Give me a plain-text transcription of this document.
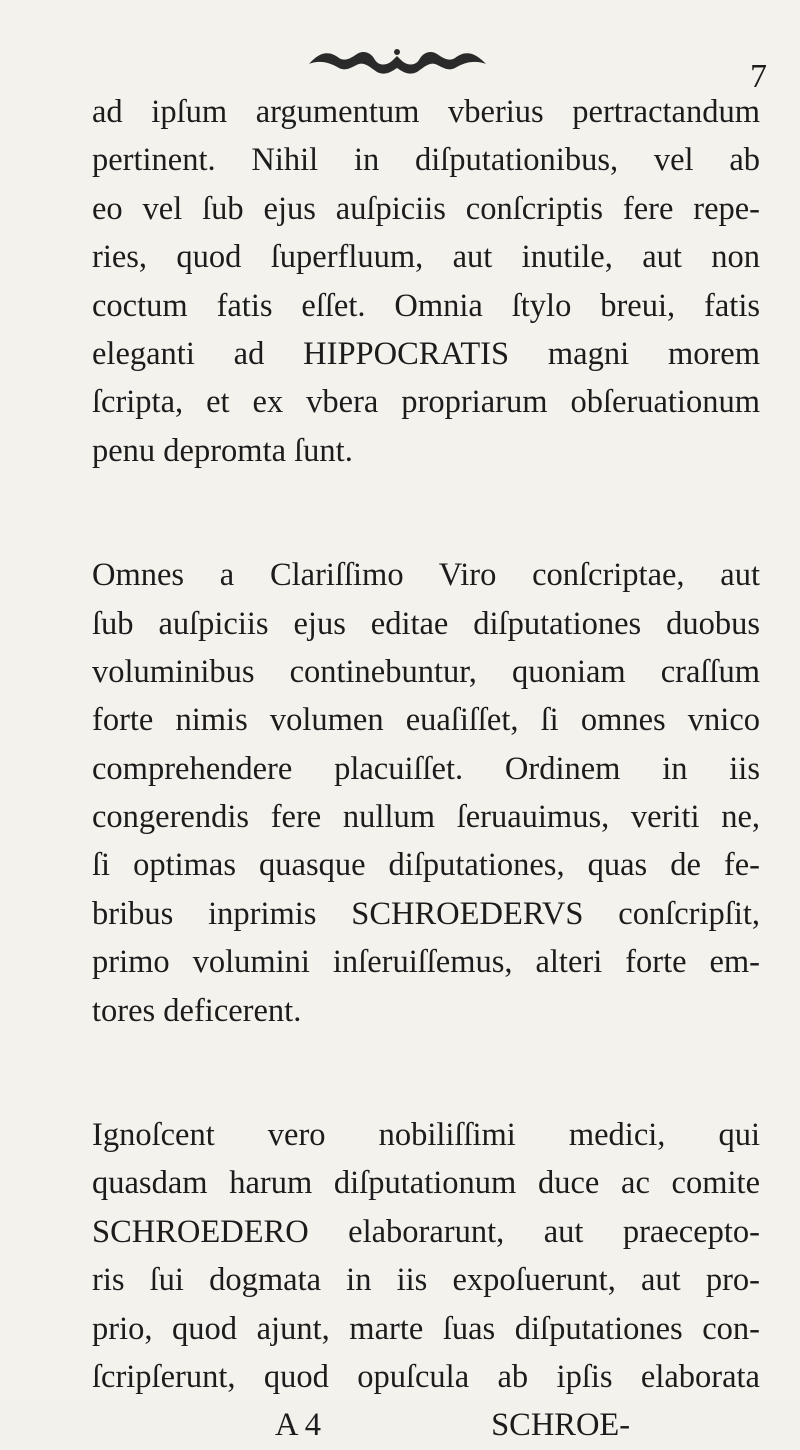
7
ad ipſum argumentum vberius pertractandum
pertinent. Nihil in diſputationibus, vel ab
eo vel ſub ejus auſpiciis conſcriptis fere repe-
ries, quod ſuperfluum, aut inutile, aut non
coctum fatis eſſet. Omnia ſtylo breui, fatis
eleganti ad HIPPOCRATIS magni morem
ſcripta, et ex vbera propriarum obſeruationum
penu depromta ſunt.
Omnes a Clariſſimo Viro conſcriptae, aut
ſub auſpiciis ejus editae diſputationes duobus
voluminibus continebuntur, quoniam craſſum
forte nimis volumen euaſiſſet, ſi omnes vnico
comprehendere placuiſſet. Ordinem in iis
congerendis fere nullum ſeruauimus, veriti ne,
ſi optimas quasque diſputationes, quas de fe-
bribus inprimis SCHROEDERVS conſcripſit,
primo volumini inſeruiſſemus, alteri forte em-
tores deficerent.
Ignoſcent vero nobiliſſimi medici, qui
quasdam harum diſputationum duce ac comite
SCHROEDERO elaborarunt, aut praecepto-
ris ſui dogmata in iis expoſuerunt, aut pro-
prio, quod ajunt, marte ſuas diſputationes con-
ſcripſerunt, quod opuſcula ab ipſis elaborata
A 4	SCHROE-
